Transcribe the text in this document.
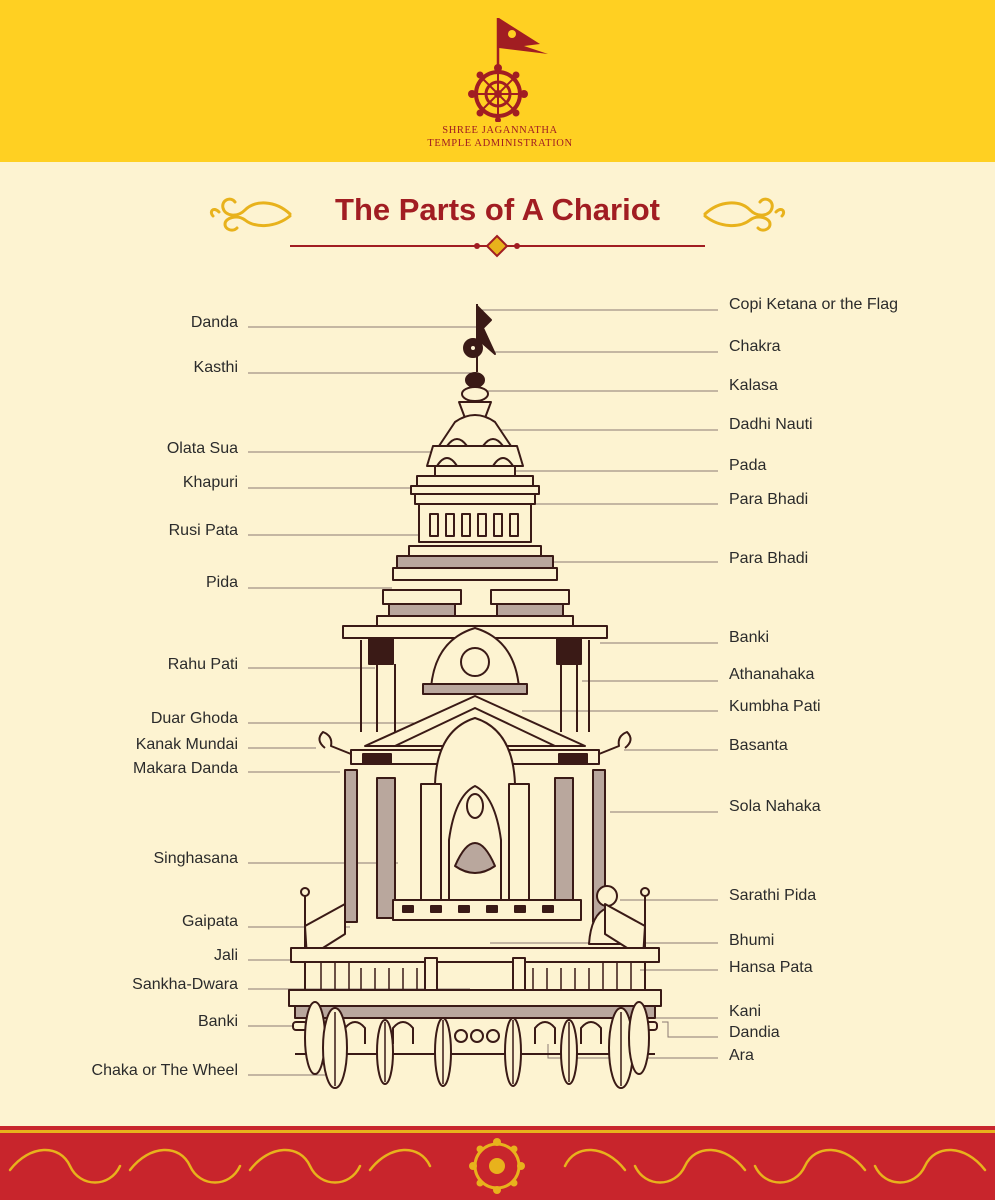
SHREE JAGANNATHA
TEMPLE ADMINISTRATION
The Parts of A Chariot
Danda
Kasthi
Olata Sua
Khapuri
Rusi Pata
Pida
Rahu Pati
Duar Ghoda
Kanak Mundai
Makara Danda
Singhasana
Gaipata
Jali
Sankha-Dwara
Banki
Chaka or The Wheel
Copi Ketana or the Flag
Chakra
Kalasa
Dadhi Nauti
Pada
Para Bhadi
Para Bhadi
Banki
Athanahaka
Kumbha Pati
Basanta
Sola Nahaka
Sarathi Pida
Bhumi
Hansa Pata
Kani
Dandia
Ara
